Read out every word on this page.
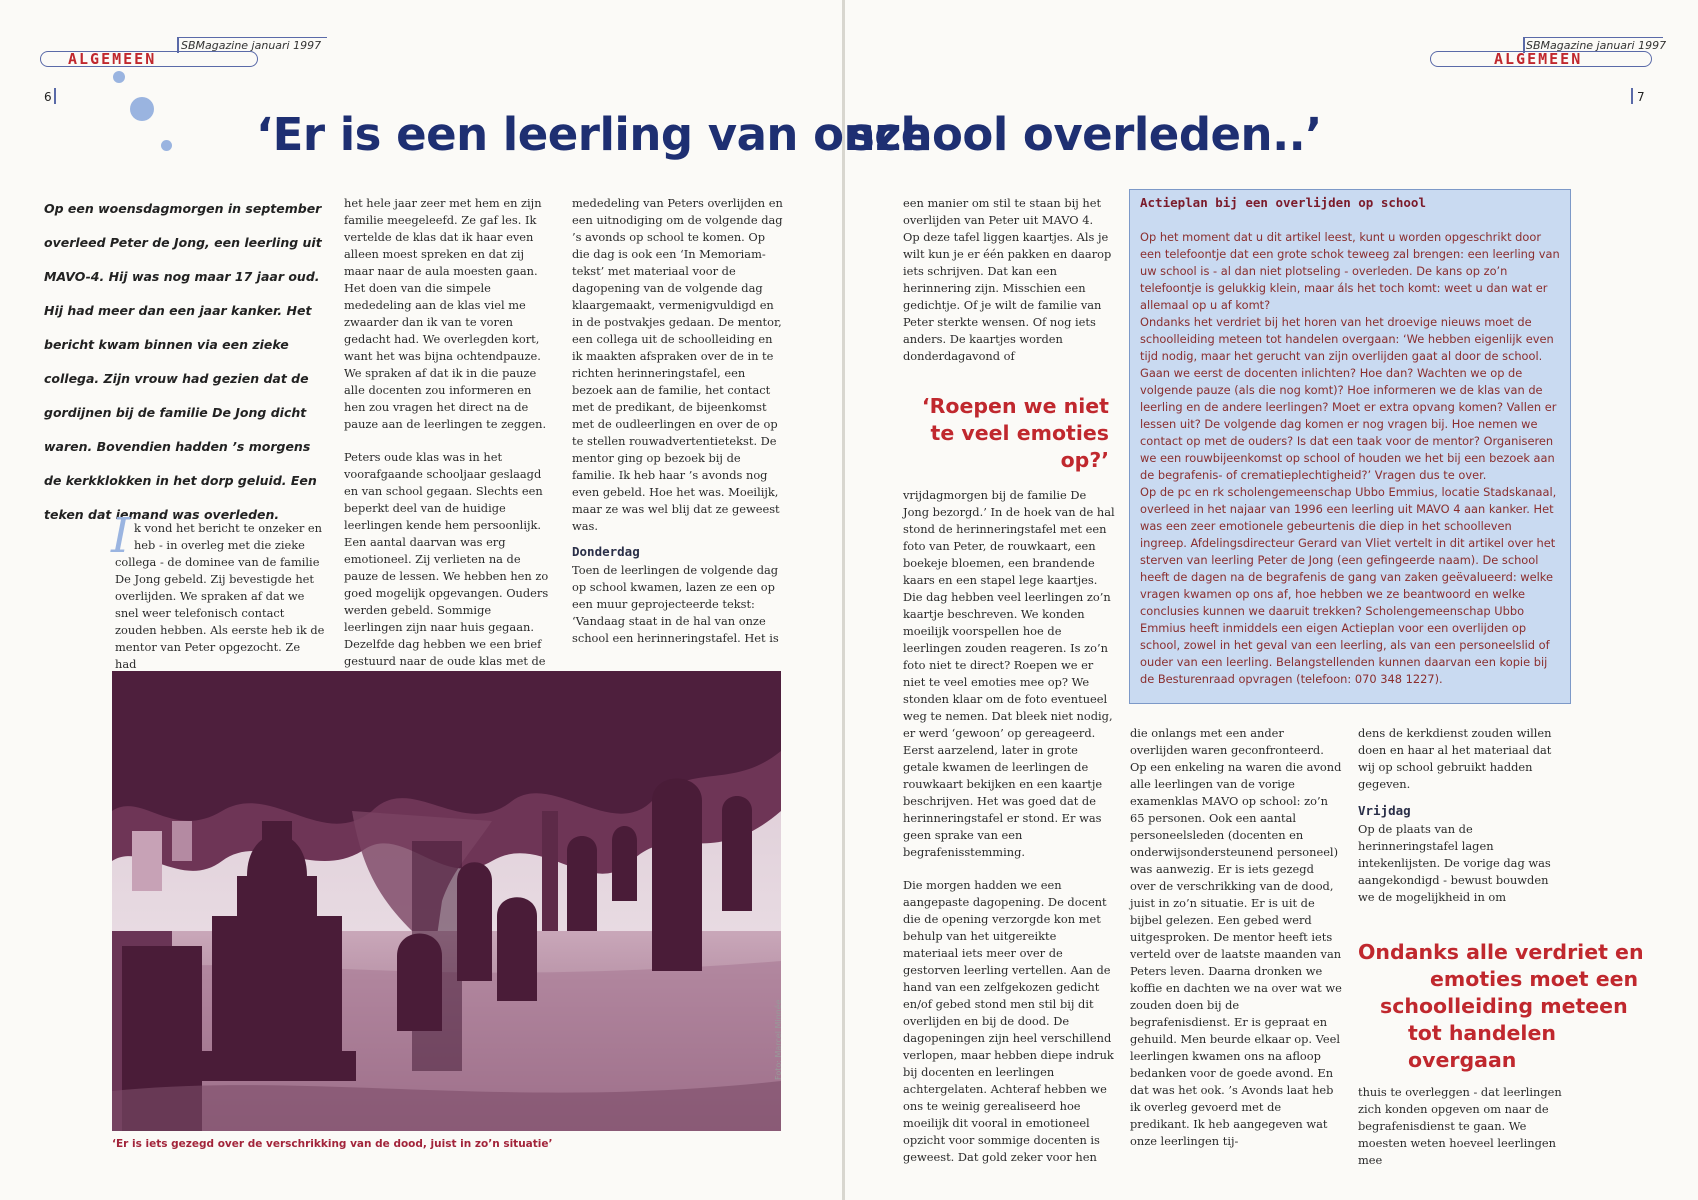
SBMagazine januari 1997
ALGEMEEN
6
SBMagazine januari 1997
ALGEMEEN
7
‘Er is een leerling van onze
school overleden..’
Op een woensdagmorgen in september overleed Peter de Jong, een leerling uit MAVO-4. Hij was nog maar 17 jaar oud. Hij had meer dan een jaar kanker. Het bericht kwam binnen via een zieke collega. Zijn vrouw had gezien dat de gordijnen bij de familie De Jong dicht waren. Bovendien hadden ’s morgens de kerkklokken in het dorp geluid. Een teken dat iemand was overleden.
I k vond het bericht te onzeker en heb - in overleg met die zieke collega - de dominee van de familie De Jong gebeld. Zij bevestigde het overlijden. We spraken af dat we snel weer telefonisch contact zouden hebben. Als eerste heb ik de mentor van Peter opgezocht. Ze had

het hele jaar zeer met hem en zijn familie meegeleefd. Ze gaf les. Ik vertelde de klas dat ik haar even alleen moest spreken en dat zij maar naar de aula moesten gaan. Het doen van die simpele mededeling aan de klas viel me zwaarder dan ik van te voren gedacht had. We overlegden kort, want het was bijna ochtendpauze. We spraken af dat ik in die pauze alle docenten zou informeren en hen zou vragen het direct na de pauze aan de leerlingen te zeggen.

Peters oude klas was in het voorafgaande schooljaar geslaagd en van school gegaan. Slechts een beperkt deel van de huidige leerlingen kende hem persoonlijk. Een aantal daarvan was erg emotioneel. Zij verlieten na de pauze de lessen. We hebben hen zo goed mogelijk opgevangen. Ouders werden gebeld. Sommige leerlingen zijn naar huis gegaan. Dezelfde dag hebben we een brief gestuurd naar de oude klas met de

mededeling van Peters overlijden en een uitnodiging om de volgende dag ’s avonds op school te komen. Op die dag is ook een ‘In Memoriam-tekst’ met materiaal voor de dagopening van de volgende dag klaargemaakt, vermenigvuldigd en in de postvakjes gedaan. De mentor, een collega uit de schoolleiding en ik maakten afspraken over de in te richten herinneringstafel, een bezoek aan de familie, het contact met de predikant, de bijeenkomst met de oudleerlingen en over de op te stellen rouwadvertentietekst. De mentor ging op bezoek bij de familie. Ik heb haar ’s avonds nog even gebeld. Hoe het was. Moeilijk, maar ze was wel blij dat ze geweest was.

Donderdag

Toen de leerlingen de volgende dag op school kwamen, lazen ze een op een muur geprojecteerde tekst: ‘Vandaag staat in de hal van onze school een herinneringstafel. Het is

‘Er is iets gezegd over de verschrikking van de dood, juist in zo’n situatie’
Foto: Marcel Minnée

een manier om stil te staan bij het overlijden van Peter uit MAVO 4. Op deze tafel liggen kaartjes. Als je wilt kun je er één pakken en daarop iets schrijven. Dat kan een herinnering zijn. Misschien een gedichtje. Of je wilt de familie van Peter sterkte wensen. Of nog iets anders. De kaartjes worden donderdagavond of

‘Roepen we niet te veel emoties op?’

vrijdagmorgen bij de familie De Jong bezorgd.’ In de hoek van de hal stond de herinneringstafel met een foto van Peter, de rouwkaart, een boekeje bloemen, een brandende kaars en een stapel lege kaartjes. Die dag hebben veel leerlingen zo’n kaartje beschreven. We konden moeilijk voorspellen hoe de leerlingen zouden reageren. Is zo’n foto niet te direct? Roepen we er niet te veel emoties mee op? We stonden klaar om de foto eventueel weg te nemen. Dat bleek niet nodig, er werd ‘gewoon’ op gereageerd. Eerst aarzelend, later in grote getale kwamen de leerlingen de rouwkaart bekijken en een kaartje beschrijven. Het was goed dat de herinneringstafel er stond. Er was geen sprake van een begrafenisstemming.

Die morgen hadden we een aangepaste dagopening. De docent die de opening verzorgde kon met behulp van het uitgereikte materiaal iets meer over de gestorven leerling vertellen. Aan de hand van een zelfgekozen gedicht en/of gebed stond men stil bij dit overlijden en bij de dood. De dagopeningen zijn heel verschillend verlopen, maar hebben diepe indruk bij docenten en leerlingen achtergelaten. Achteraf hebben we ons te weinig gerealiseerd hoe moeilijk dit vooral in emotioneel opzicht voor sommige docenten is geweest. Dat gold zeker voor hen

Actieplan bij een overlijden op school

Op het moment dat u dit artikel leest, kunt u worden opgeschrikt door een telefoontje dat een grote schok teweeg zal brengen: een leerling van uw school is - al dan niet plotseling - overleden. De kans op zo’n telefoontje is gelukkig klein, maar áls het toch komt: weet u dan wat er allemaal op u af komt?

Ondanks het verdriet bij het horen van het droevige nieuws moet de schoolleiding meteen tot handelen overgaan: ‘We hebben eigenlijk even tijd nodig, maar het gerucht van zijn overlijden gaat al door de school. Gaan we eerst de docenten inlichten? Hoe dan? Wachten we op de volgende pauze (als die nog komt)? Hoe informeren we de klas van de leerling en de andere leerlingen? Moet er extra opvang komen? Vallen er lessen uit? De volgende dag komen er nog vragen bij. Hoe nemen we contact op met de ouders? Is dat een taak voor de mentor? Organiseren we een rouwbijeenkomst op school of houden we het bij een bezoek aan de begrafenis- of crematieplechtigheid?’ Vragen dus te over.

Op de pc en rk scholengemeenschap Ubbo Emmius, locatie Stadskanaal, overleed in het najaar van 1996 een leerling uit MAVO 4 aan kanker. Het was een zeer emotionele gebeurtenis die diep in het schoolleven ingreep. Afdelingsdirecteur Gerard van Vliet vertelt in dit artikel over het sterven van leerling Peter de Jong (een gefingeerde naam). De school heeft de dagen na de begrafenis de gang van zaken geëvalueerd: welke vragen kwamen op ons af, hoe hebben we ze beantwoord en welke conclusies kunnen we daaruit trekken? Scholengemeenschap Ubbo Emmius heeft inmiddels een eigen Actieplan voor een overlijden op school, zowel in het geval van een leerling, als van een personeelslid of ouder van een leerling. Belangstellenden kunnen daarvan een kopie bij de Besturenraad opvragen (telefoon: 070 348 1227).

die onlangs met een ander overlijden waren geconfronteerd. Op een enkeling na waren die avond alle leerlingen van de vorige examenklas MAVO op school: zo’n 65 personen. Ook een aantal personeelsleden (docenten en onderwijsondersteunend personeel) was aanwezig. Er is iets gezegd over de verschrikking van de dood, juist in zo’n situatie. Er is uit de bijbel gelezen. Een gebed werd uitgesproken. De mentor heeft iets verteld over de laatste maanden van Peters leven. Daarna dronken we koffie en dachten we na over wat we zouden doen bij de begrafenisdienst. Er is gepraat en gehuild. Men beurde elkaar op. Veel leerlingen kwamen ons na afloop bedanken voor de goede avond. En dat was het ook. ’s Avonds laat heb ik overleg gevoerd met de predikant. Ik heb aangegeven wat onze leerlingen tij-

dens de kerkdienst zouden willen doen en haar al het materiaal dat wij op school gebruikt hadden gegeven.

Vrijdag

Op de plaats van de herinneringstafel lagen intekenlijsten. De vorige dag was aangekondigd - bewust bouwden we de mogelijkheid in om

Ondanks alle verdriet en
emoties moet een
schoolleiding meteen
tot handelen overgaan

thuis te overleggen - dat leerlingen zich konden opgeven om naar de begrafenisdienst te gaan. We moesten weten hoeveel leerlingen mee
